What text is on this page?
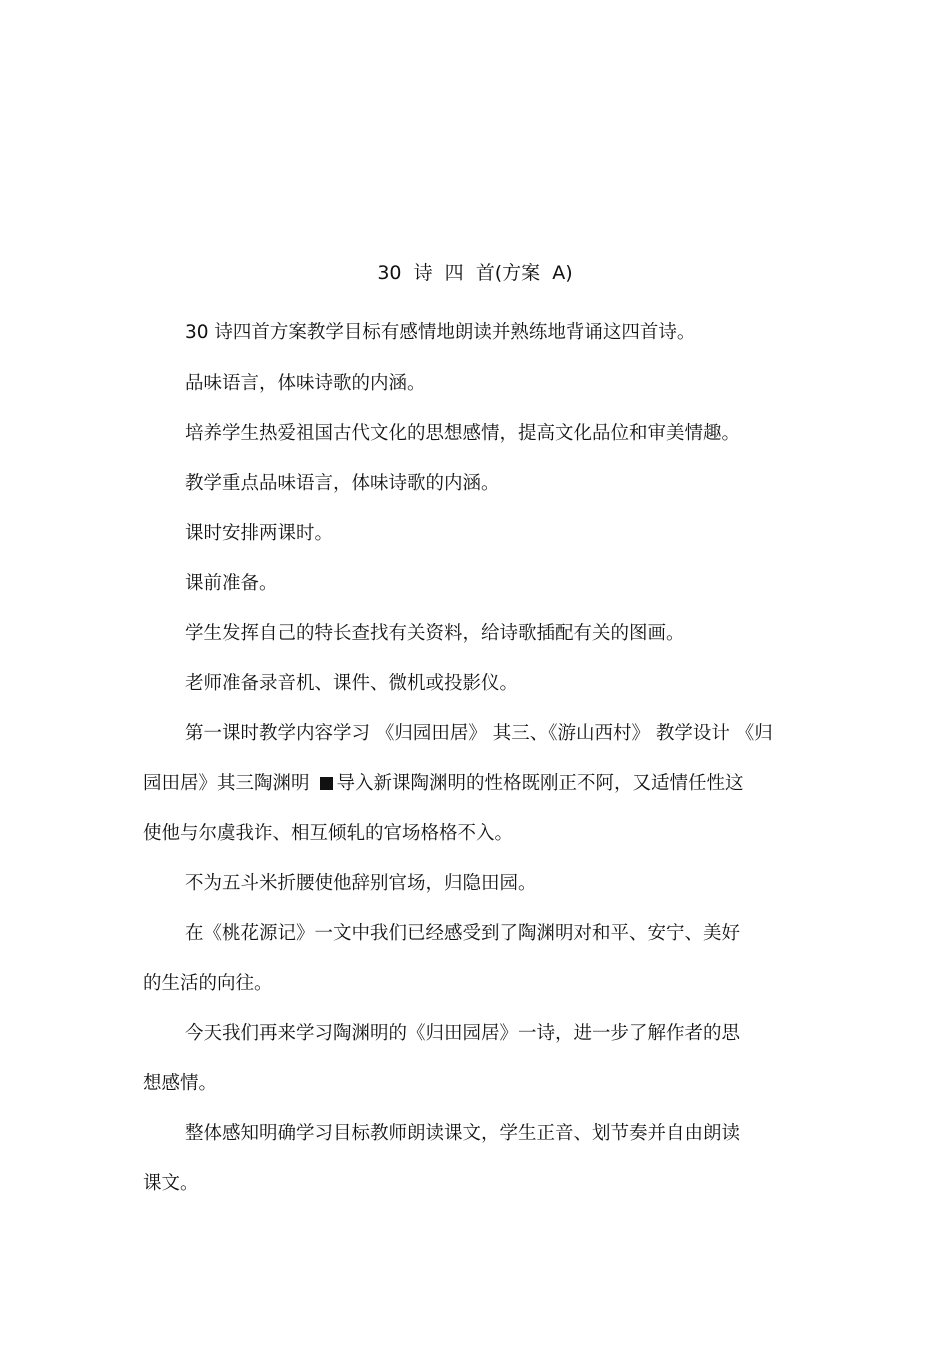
30  诗  四  首(方案  A)
30 诗四首方案教学目标有感情地朗读并熟练地背诵这四首诗。
品味语言，体味诗歌的内涵。
培养学生热爱祖国古代文化的思想感情，提高文化品位和审美情趣。
教学重点品味语言，体味诗歌的内涵。
课时安排两课时。
课前准备。
学生发挥自己的特长查找有关资料，给诗歌插配有关的图画。
老师准备录音机、课件、微机或投影仪。
第一课时教学内容学习 《归园田居》 其三、《游山西村》 教学设计 《归
园田居》其三陶渊明 导入新课陶渊明的性格既刚正不阿，又适情任性这
使他与尔虞我诈、相互倾轧的官场格格不入。
不为五斗米折腰使他辞别官场，归隐田园。
在《桃花源记》一文中我们已经感受到了陶渊明对和平、安宁、美好
的生活的向往。
今天我们再来学习陶渊明的《归田园居》一诗，进一步了解作者的思
想感情。
整体感知明确学习目标教师朗读课文，学生正音、划节奏并自由朗读
课文。
